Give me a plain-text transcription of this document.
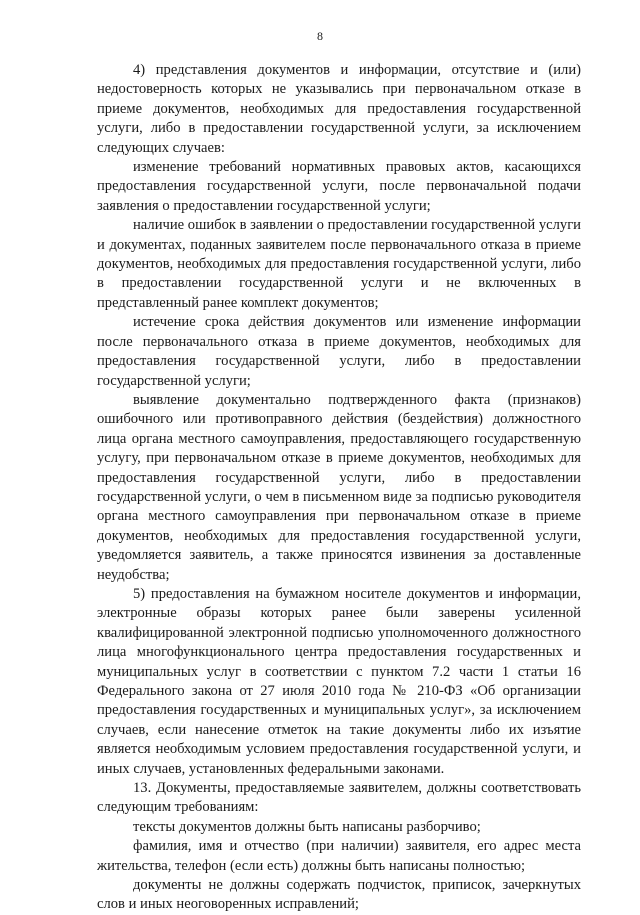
8

4) представления документов и информации, отсутствие и (или) недостоверность которых не указывались при первоначальном отказе в приеме документов, необходимых для предоставления государственной услуги, либо в предоставлении государственной услуги, за исключением следующих случаев:

изменение требований нормативных правовых актов, касающихся предоставления государственной услуги, после первоначальной подачи заявления о предоставлении государственной услуги;

наличие ошибок в заявлении о предоставлении государственной услуги и документах, поданных заявителем после первоначального отказа в приеме документов, необходимых для предоставления государственной услуги, либо в предоставлении государственной услуги и не включенных в представленный ранее комплект документов;

истечение срока действия документов или изменение информации после первоначального отказа в приеме документов, необходимых для предоставления государственной услуги, либо в предоставлении государственной услуги;

выявление документально подтвержденного факта (признаков) ошибочного или противоправного действия (бездействия) должностного лица органа местного самоуправления, предоставляющего государственную услугу, при первоначальном отказе в приеме документов, необходимых для предоставления государственной услуги, либо в предоставлении государственной услуги, о чем в письменном виде за подписью руководителя органа местного самоуправления при первоначальном отказе в приеме документов, необходимых для предоставления государственной услуги, уведомляется заявитель, а также приносятся извинения за доставленные неудобства;

5) предоставления на бумажном носителе документов и информации, электронные образы которых ранее были заверены усиленной квалифицированной электронной подписью уполномоченного должностного лица многофункционального центра предоставления государственных и муниципальных услуг в соответствии с пунктом 7.2 части 1 статьи 16 Федерального закона от 27 июля 2010 года № 210-ФЗ «Об организации предоставления государственных и муниципальных услуг», за исключением случаев, если нанесение отметок на такие документы либо их изъятие является необходимым условием предоставления государственной услуги, и иных случаев, установленных федеральными законами.

13. Документы, предоставляемые заявителем, должны соответствовать следующим требованиям:

тексты документов должны быть написаны разборчиво;

фамилия, имя и отчество (при наличии) заявителя, его адрес места жительства, телефон (если есть) должны быть написаны полностью;

документы не должны содержать подчисток, приписок, зачеркнутых слов и иных неоговоренных исправлений;
